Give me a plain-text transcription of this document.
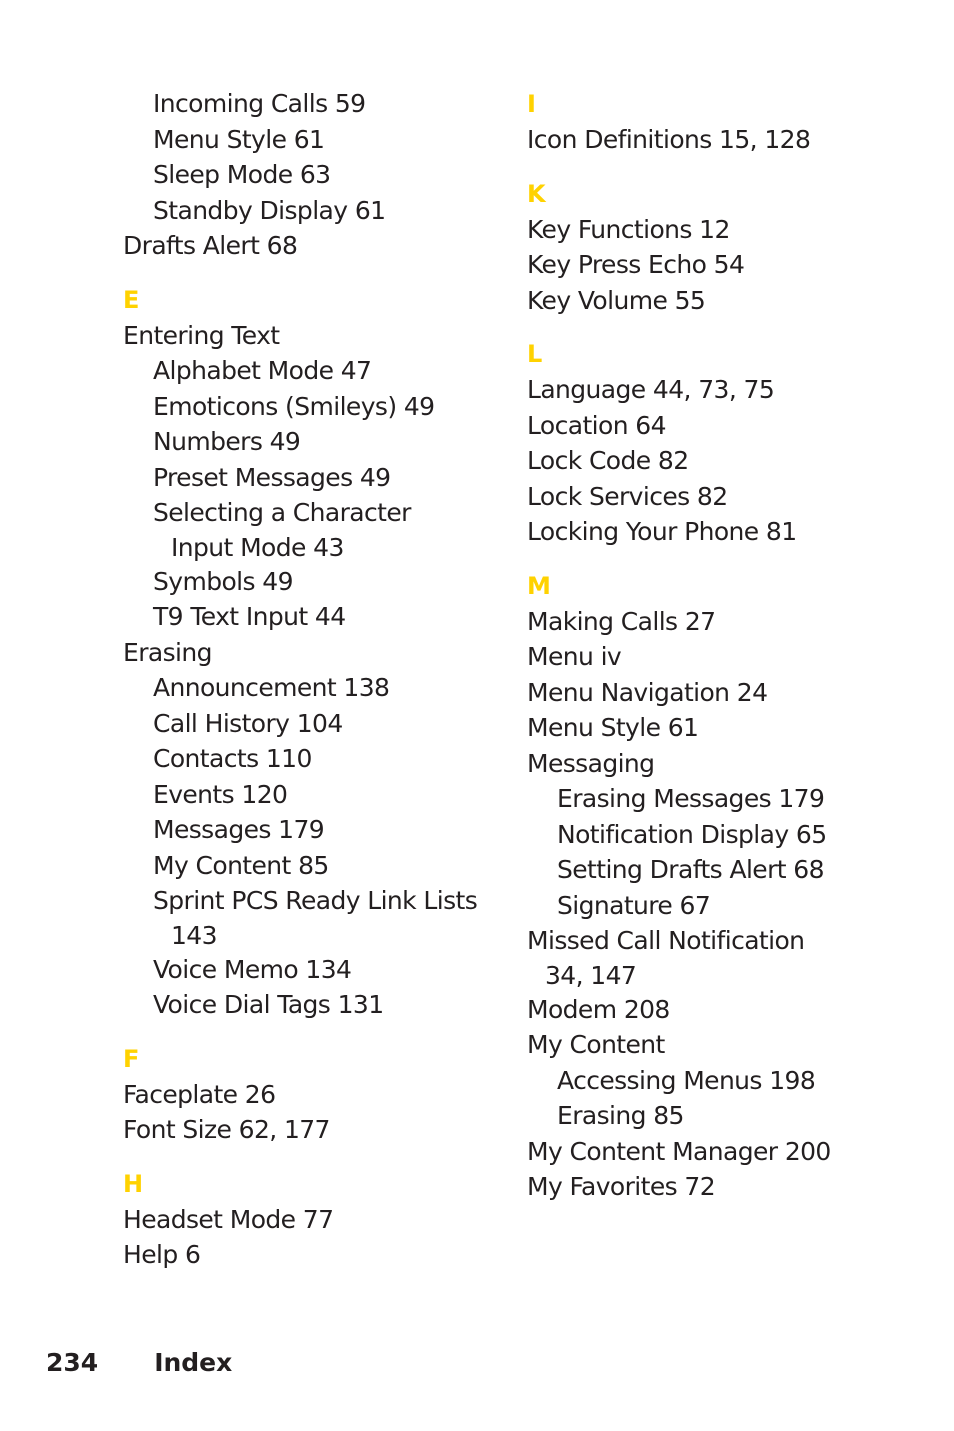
Incoming Calls 59
Menu Style 61
Sleep Mode 63
Standby Display 61
Drafts Alert 68
E
Entering Text
Alphabet Mode 47
Emoticons (Smileys) 49
Numbers 49
Preset Messages 49
Selecting a Character
Input Mode 43
Symbols 49
T9 Text Input 44
Erasing
Announcement 138
Call History 104
Contacts 110
Events 120
Messages 179
My Content 85
Sprint PCS Ready Link Lists
143
Voice Memo 134
Voice Dial Tags 131
F
Faceplate 26
Font Size 62, 177
H
Headset Mode 77
Help 6
I
Icon Definitions 15, 128
K
Key Functions 12
Key Press Echo 54
Key Volume 55
L
Language 44, 73, 75
Location 64
Lock Code 82
Lock Services 82
Locking Your Phone 81
M
Making Calls 27
Menu iv
Menu Navigation 24
Menu Style 61
Messaging
Erasing Messages 179
Notification Display 65
Setting Drafts Alert 68
Signature 67
Missed Call Notification
34, 147
Modem 208
My Content
Accessing Menus 198
Erasing 85
My Content Manager 200
My Favorites 72
234 Index
